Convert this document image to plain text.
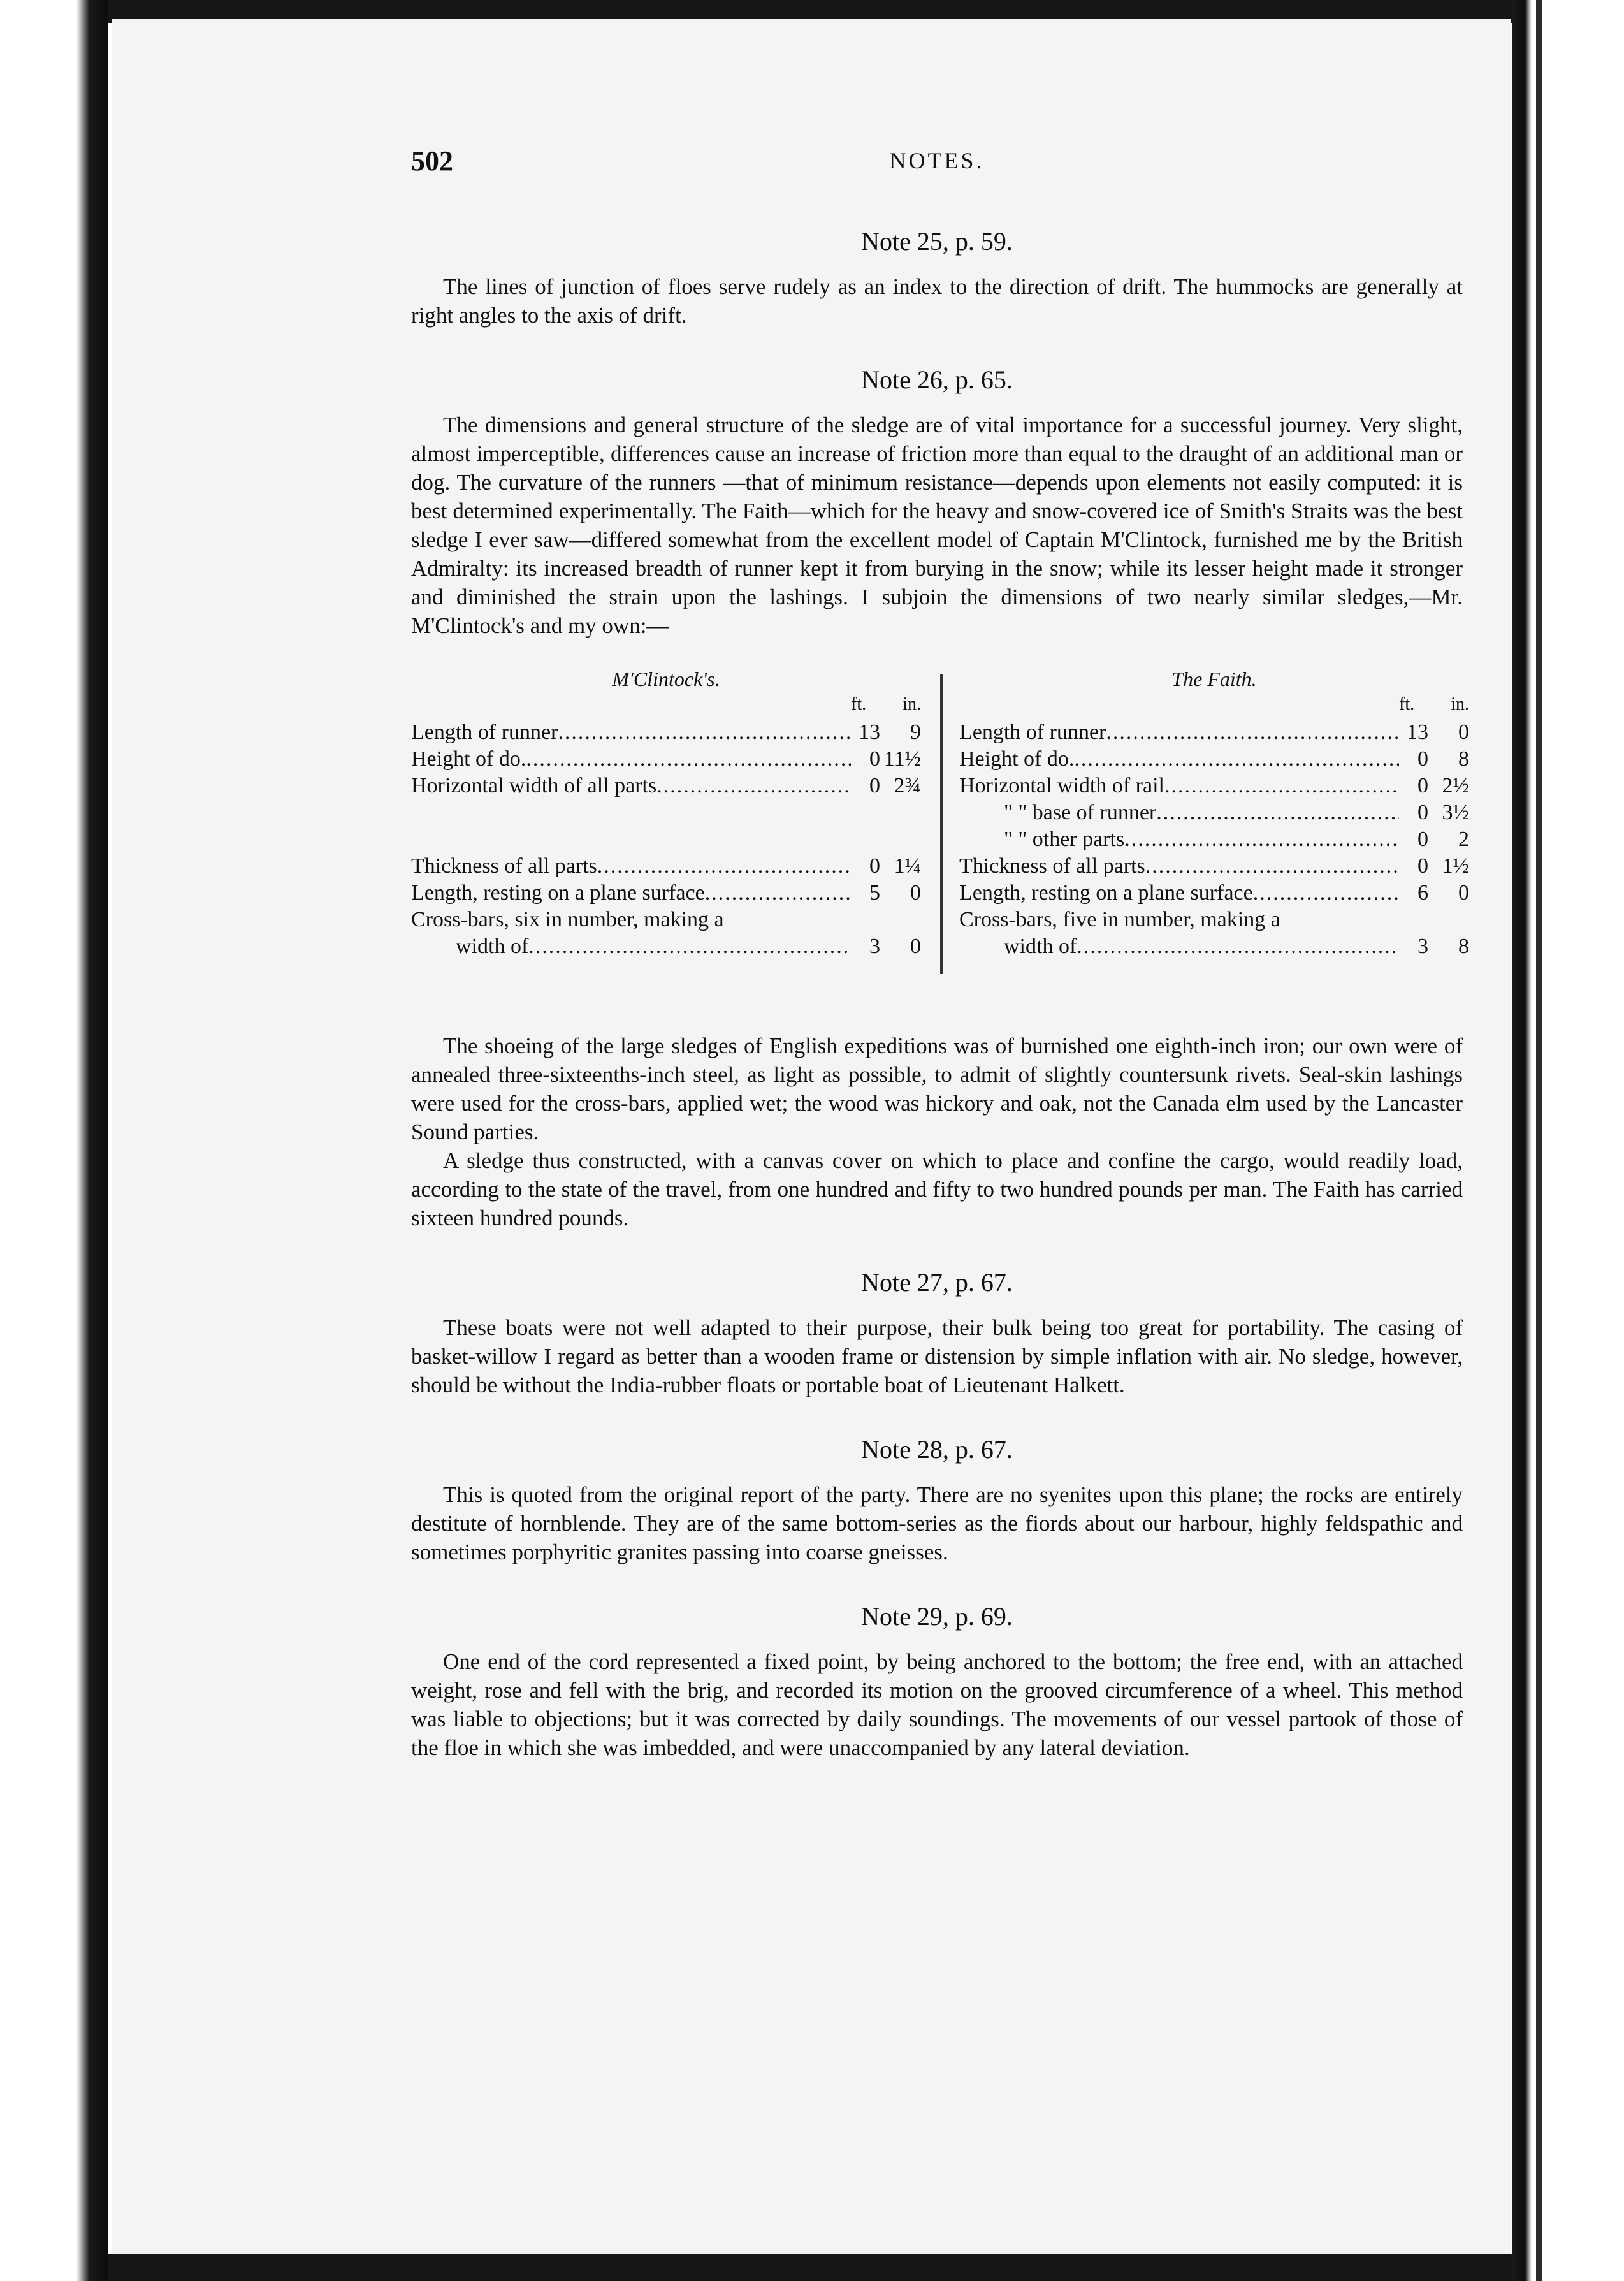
502	NOTES.
Note 25, p. 59.

The lines of junction of floes serve rudely as an index to the direction of drift. The hummocks are generally at right angles to the axis of drift.

Note 26, p. 65.

The dimensions and general structure of the sledge are of vital importance for a successful journey. Very slight, almost imperceptible, differences cause an increase of friction more than equal to the draught of an additional man or dog. The curvature of the runners —that of minimum resistance—depends upon elements not easily computed: it is best determined experimentally. The Faith—which for the heavy and snow-covered ice of Smith's Straits was the best sledge I ever saw—differed somewhat from the excellent model of Captain M'Clintock, furnished me by the British Admiralty: its increased breadth of runner kept it from burying in the snow; while its lesser height made it stronger and diminished the strain upon the lashings. I subjoin the dimensions of two nearly similar sledges,—Mr. M'Clintock's and my own:—

M'Clintock's.
ft. in.
Length of runner .....	13	9
Height of do. .....	0 11½
Horizontal width of all parts .....	0 2¾
Thickness of all parts .....	0 1¼
Length, resting on a plane surface .....	5	0
Cross-bars, six in number, making a
width of .....	3	0
The Faith.
ft. in.
Length of runner .....	13	0
Height of do. .....	0	8
Horizontal width of rail .....	0 2½
" " base of runner .....	0 3½
" " other parts .....	0	2
Thickness of all parts .....	0 1½
Length, resting on a plane surface .....	6	0
Cross-bars, five in number, making a
width of .....	3	8

The shoeing of the large sledges of English expeditions was of burnished one eighth-inch iron; our own were of annealed three-sixteenths-inch steel, as light as possible, to admit of slightly countersunk rivets. Seal-skin lashings were used for the cross-bars, applied wet; the wood was hickory and oak, not the Canada elm used by the Lancaster Sound parties.

A sledge thus constructed, with a canvas cover on which to place and confine the cargo, would readily load, according to the state of the travel, from one hundred and fifty to two hundred pounds per man. The Faith has carried sixteen hundred pounds.

Note 27, p. 67.

These boats were not well adapted to their purpose, their bulk being too great for portability. The casing of basket-willow I regard as better than a wooden frame or distension by simple inflation with air. No sledge, however, should be without the India-rubber floats or portable boat of Lieutenant Halkett.

Note 28, p. 67.

This is quoted from the original report of the party. There are no syenites upon this plane; the rocks are entirely destitute of hornblende. They are of the same bottom-series as the fiords about our harbour, highly feldspathic and sometimes porphyritic granites passing into coarse gneisses.

Note 29, p. 69.

One end of the cord represented a fixed point, by being anchored to the bottom; the free end, with an attached weight, rose and fell with the brig, and recorded its motion on the grooved circumference of a wheel. This method was liable to objections; but it was corrected by daily soundings. The movements of our vessel partook of those of the floe in which she was imbedded, and were unaccompanied by any lateral deviation.
